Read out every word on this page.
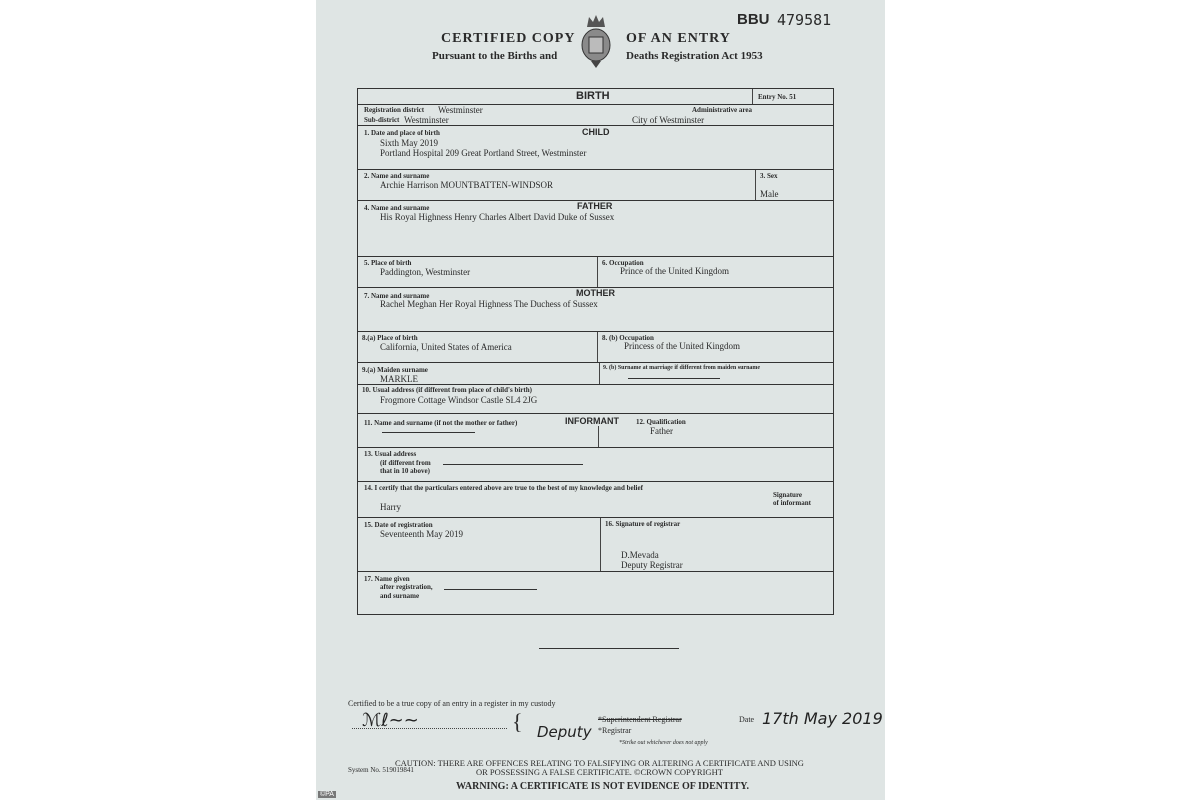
CERTIFIED COPY	OF AN ENTRY
Pursuant to the Births and	Deaths Registration Act 1953
BBU 479581
BIRTH	Entry No. 51
Registration district Westminster	Administrative area
Sub-district Westminster	City of Westminster
1. Date and place of birth	CHILD
Sixth May 2019
Portland Hospital 209 Great Portland Street, Westminster
2. Name and surname
Archie Harrison MOUNTBATTEN-WINDSOR
3. Sex
Male
4. Name and surname	FATHER
His Royal Highness Henry Charles Albert David Duke of Sussex
5. Place of birth
Paddington, Westminster
6. Occupation
Prince of the United Kingdom
7. Name and surname	MOTHER
Rachel Meghan Her Royal Highness The Duchess of Sussex
8.(a) Place of birth
California, United States of America
8. (b) Occupation
Princess of the United Kingdom
9.(a) Maiden surname
MARKLE
9. (b) Surname at marriage if different from maiden surname
10. Usual address (if different from place of child's birth)
Frogmore Cottage Windsor Castle SL4 2JG
11. Name and surname (if not the mother or father)	INFORMANT 12. Qualification
Father
13. Usual address
(if different from
that in 10 above)
14. I certify that the particulars entered above are true to the best of my knowledge and belief
Harry
Signature
of informant
15. Date of registration
Seventeenth May 2019
16. Signature of registrar
D.Mevada
Deputy Registrar
17. Name given
after registration,
and surname
Certified to be a true copy of an entry in a register in my custody
ℳℓ~~	{ Deputy
*Superintendent Registrar
*Registrar
*Strike out whichever does not apply
Date 17th May 2019
System No. 519019841
CAUTION: THERE ARE OFFENCES RELATING TO FALSIFYING OR ALTERING A CERTIFICATE AND USING
OR POSSESSING A FALSE CERTIFICATE. ©CROWN COPYRIGHT
WARNING: A CERTIFICATE IS NOT EVIDENCE OF IDENTITY.
©PA
